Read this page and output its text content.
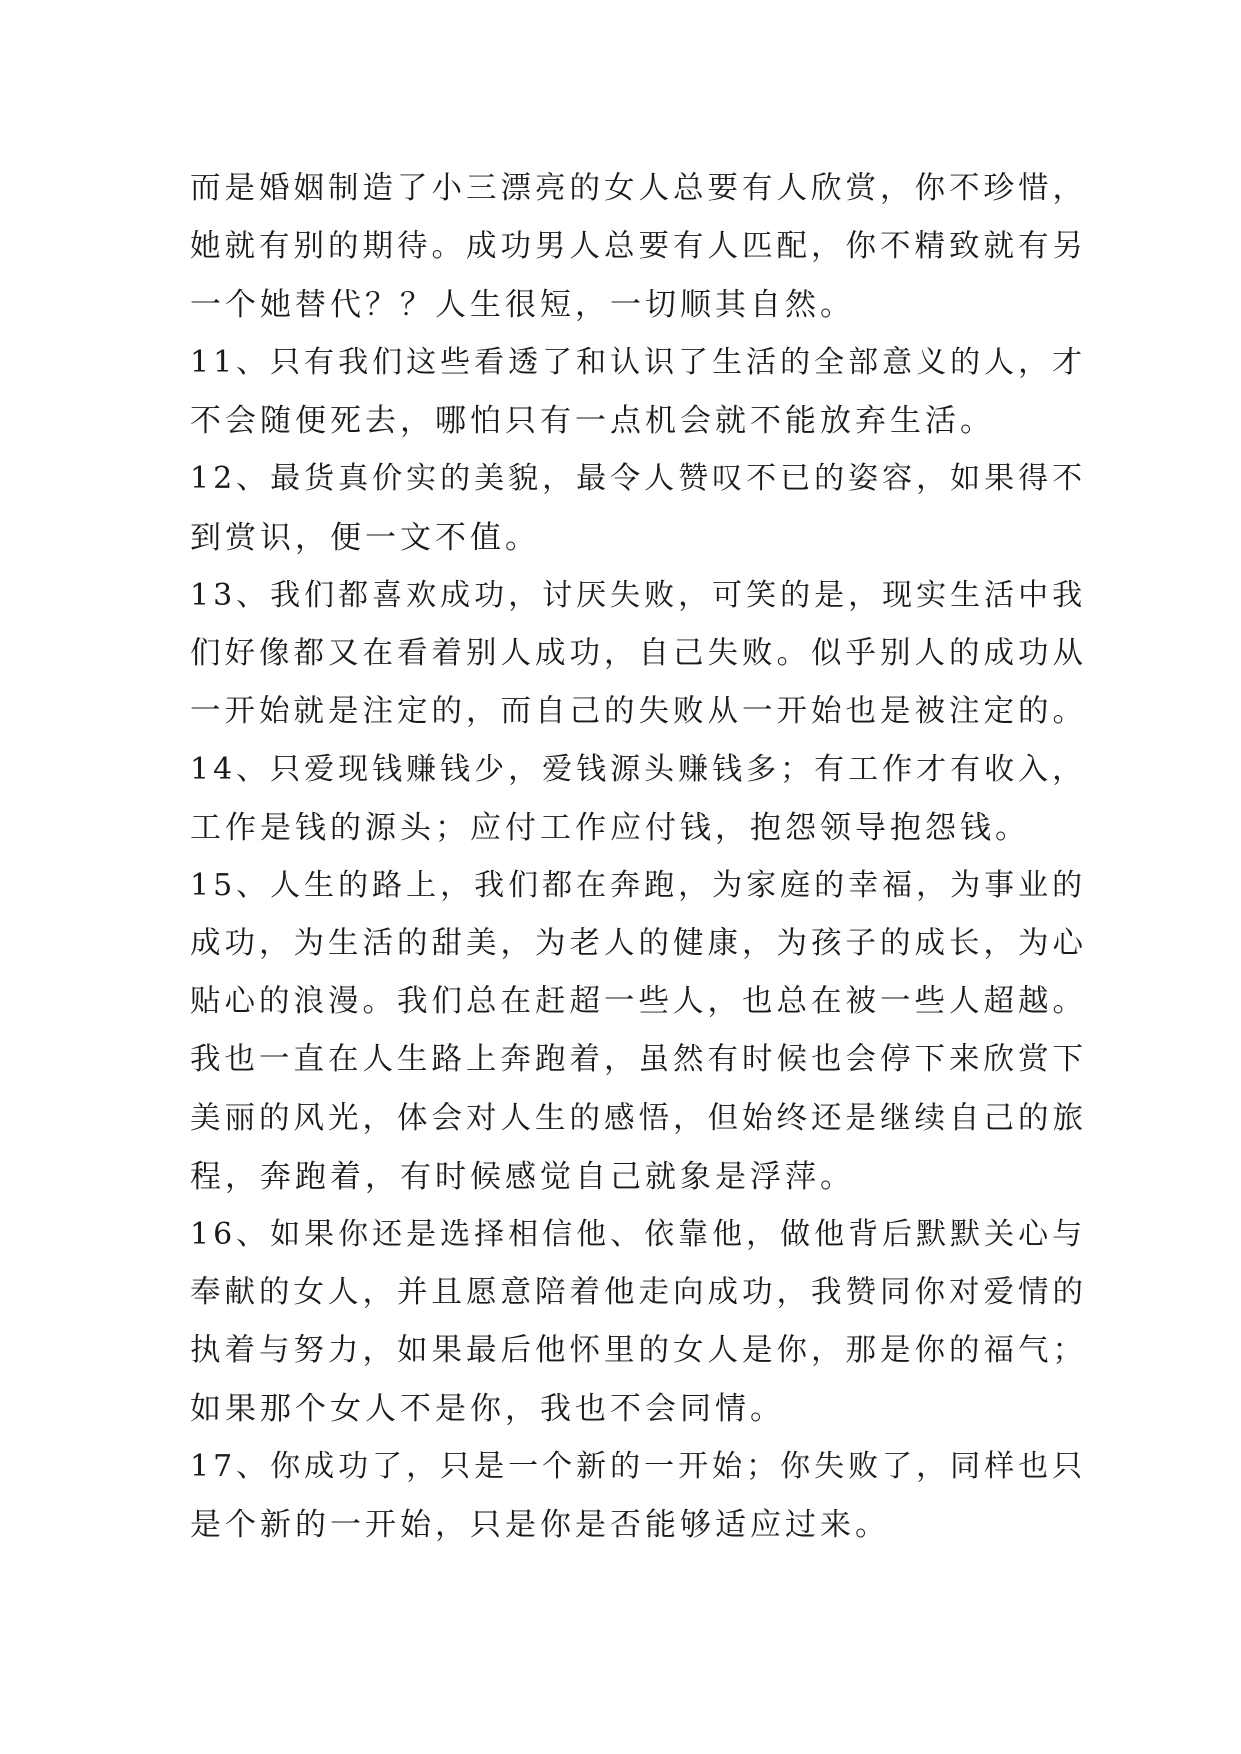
而是婚姻制造了小三漂亮的女人总要有人欣赏，你不珍惜，
她就有别的期待。成功男人总要有人匹配，你不精致就有另
一个她替代？？人生很短，一切顺其自然。
11、只有我们这些看透了和认识了生活的全部意义的人，才
不会随便死去，哪怕只有一点机会就不能放弃生活。
12、最货真价实的美貌，最令人赞叹不已的姿容，如果得不
到赏识，便一文不值。
13、我们都喜欢成功，讨厌失败，可笑的是，现实生活中我
们好像都又在看着别人成功，自己失败。似乎别人的成功从
一开始就是注定的，而自己的失败从一开始也是被注定的。
14、只爱现钱赚钱少，爱钱源头赚钱多；有工作才有收入，
工作是钱的源头；应付工作应付钱，抱怨领导抱怨钱。
15、人生的路上，我们都在奔跑，为家庭的幸福，为事业的
成功，为生活的甜美，为老人的健康，为孩子的成长，为心
贴心的浪漫。我们总在赶超一些人，也总在被一些人超越。
我也一直在人生路上奔跑着，虽然有时候也会停下来欣赏下
美丽的风光，体会对人生的感悟，但始终还是继续自己的旅
程，奔跑着，有时候感觉自己就象是浮萍。
16、如果你还是选择相信他、依靠他，做他背后默默关心与
奉献的女人，并且愿意陪着他走向成功，我赞同你对爱情的
执着与努力，如果最后他怀里的女人是你，那是你的福气；
如果那个女人不是你，我也不会同情。
17、你成功了，只是一个新的一开始；你失败了，同样也只
是个新的一开始，只是你是否能够适应过来。
